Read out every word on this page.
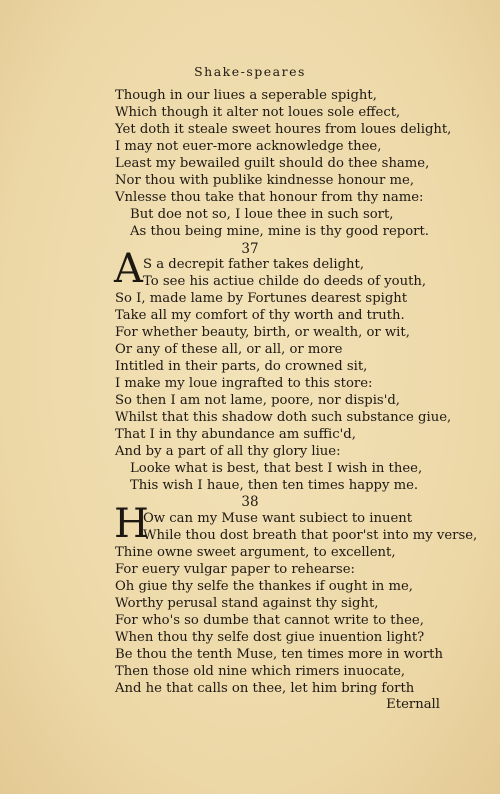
Shake-speares
Though in our liues a seperable spight,
Which though it alter not loues sole effect,
Yet doth it steale sweet houres from loues delight,
I may not euer-more acknowledge thee,
Least my bewailed guilt should do thee shame,
Nor thou with publike kindnesse honour me,
Vnlesse thou take that honour from thy name:
But doe not so, I loue thee in such sort,
As thou being mine, mine is thy good report.
37
A S a decrepit father takes delight,
To see his actiue childe do deeds of youth,
So I, made lame by Fortunes dearest spight
Take all my comfort of thy worth and truth.
For whether beauty, birth, or wealth, or wit,
Or any of these all, or all, or more
Intitled in their parts, do crowned sit,
I make my loue ingrafted to this store:
So then I am not lame, poore, nor dispis'd,
Whilst that this shadow doth such substance giue,
That I in thy abundance am suffic'd,
And by a part of all thy glory liue:
Looke what is best, that best I wish in thee,
This wish I haue, then ten times happy me.
38
H
Ow can my Muse want subiect to inuent
While thou dost breath that poor'st into my verse,
Thine owne sweet argument, to excellent,
For euery vulgar paper to rehearse:
Oh giue thy selfe the thankes if ought in me,
Worthy perusal stand against thy sight,
For who's so dumbe that cannot write to thee,
When thou thy selfe dost giue inuention light?
Be thou the tenth Muse, ten times more in worth
Then those old nine which rimers inuocate,
And he that calls on thee, let him bring forth
Eternall
